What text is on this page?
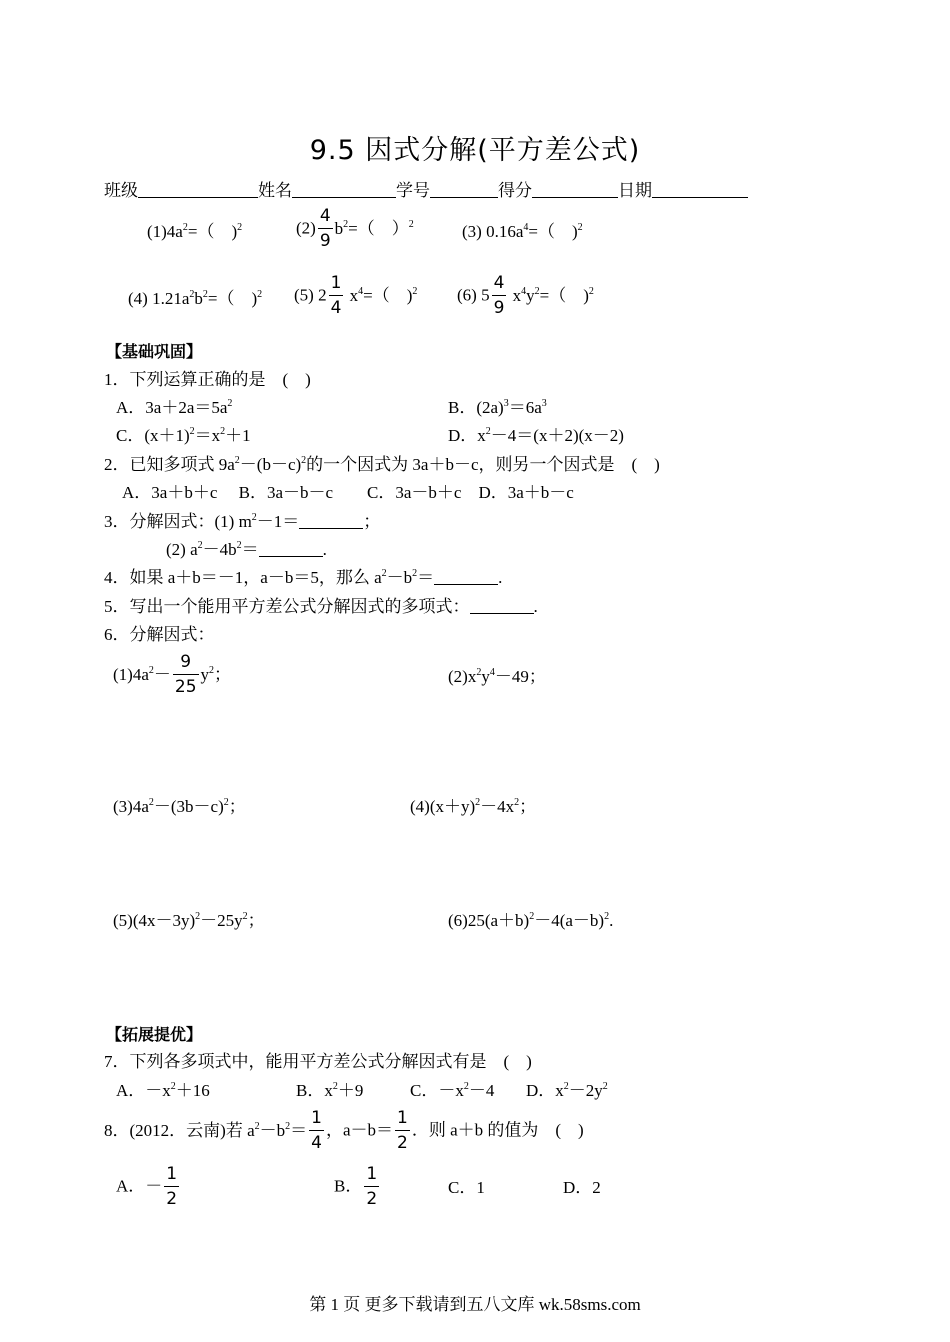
9.5 因式分解(平方差公式)
班级	姓名	学号	得分	日期
$(1)4a^2=$（　)$^2$	$(2) \frac{4}{9} b^2=$（　）$^2$	(3) $0.16a^4=$（　)$^2$
(4) $1.21a^2b^2=$（　)$^2$ (5) $2 \frac{1}{4} x^4=$（　)$^2$ (6) $5 \frac{4}{9} x^4y^2=$（　)$^2$
【基础巩固】
1．下列运算正确的是　(　)
A．$3a+2a=5a^2$	B．$(2a)^3=6a^3$
C．$(x+1)^2=x^2+1$	D．$x^2-4=(x+2)(x-2)$
2．已知多项式 $9a^2-(b-c)^2$的一个因式为 3a＋b－c，则另一个因式是　(　)
A．3a＋b＋c　 B．3a－b－c　　C．3a－b＋c　D．3a＋b－c
3．分解因式：(1) $m^2-1=$	；
(2) $a^2-4b^2=$	.
4．如果 a＋b＝－1，a－b＝5，那么 $a^2-b^2=$	.
5．写出一个能用平方差公式分解因式的多项式：	.
6．分解因式：
$(1)4a^2- \frac{9}{25} y^2$；	$(2)x^2y^4-49$；
$(3)4a^2-(3b-c)^2$；	$(4)(x+y)^2-4x^2$；
$(5)(4x-3y)^2-25y^2$；	$(6)25(a+b)^2-4(a-b)^2$.
【拓展提优】
7．下列各多项式中，能用平方差公式分解因式有是　(　)
A．$-x^2+16$	B．$x^2+9$	C．$-x^2-4$ D．$x^2-2y^2$
8．(2012．云南)若 $a^2-b^2= \frac{1}{4}$ ，$a-b= \frac{1}{2}$ ．则 a＋b 的值为　(　)
A．－ $\frac{1}{2}$	B． $\frac{1}{2}$	C．1	D．2
第 1 页 更多下载请到五八文库 wk.58sms.com
